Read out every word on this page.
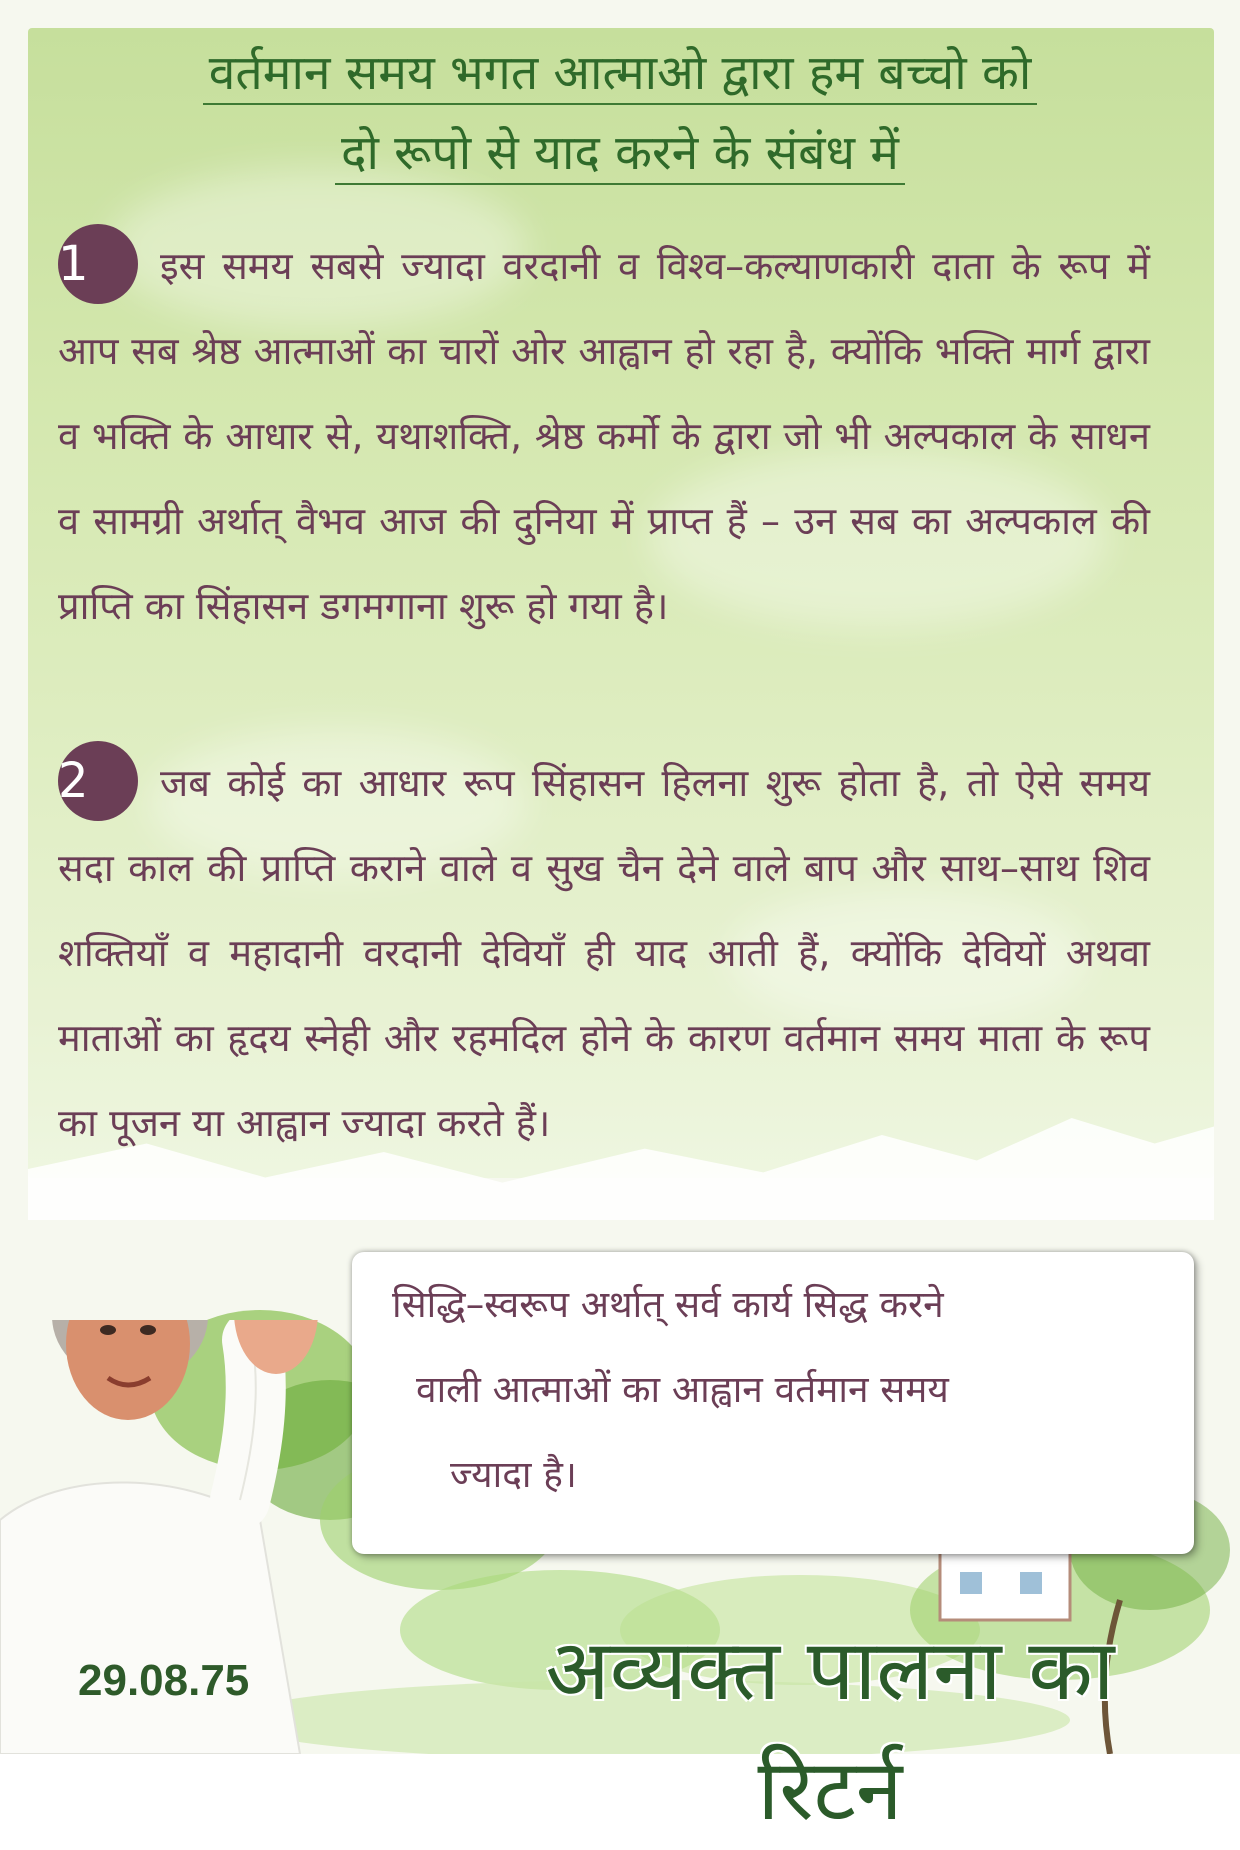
वर्तमान समय भगत आत्माओ द्वारा हम बच्चो को
दो रूपो से याद करने के संबंध में
1 इस समय सबसे ज्यादा वरदानी व विश्व–कल्याणकारी दाता के रूप में आप सब श्रेष्ठ आत्माओं का चारों ओर आह्वान हो रहा है, क्योंकि भक्ति मार्ग द्वारा व भक्ति के आधार से, यथाशक्ति, श्रेष्ठ कर्मो के द्वारा जो भी अल्पकाल के साधन व सामग्री अर्थात् वैभव आज की दुनिया में प्राप्त हैं – उन सब का अल्पकाल की प्राप्ति का सिंहासन डगमगाना शुरू हो गया है।
2 जब कोई का आधार रूप सिंहासन हिलना शुरू होता है, तो ऐसे समय सदा काल की प्राप्ति कराने वाले व सुख चैन देने वाले बाप और साथ–साथ शिव शक्तियाँ व महादानी वरदानी देवियाँ ही याद आती हैं, क्योंकि देवियों अथवा माताओं का हृदय स्नेही और रहमदिल होने के कारण वर्तमान समय माता के रूप का पूजन या आह्वान ज्यादा करते हैं।
सिद्धि–स्वरूप अर्थात् सर्व कार्य सिद्ध करने
वाली आत्माओं का आह्वान वर्तमान समय
ज्यादा है।
29.08.75	अव्यक्त पालना का रिटर्न
